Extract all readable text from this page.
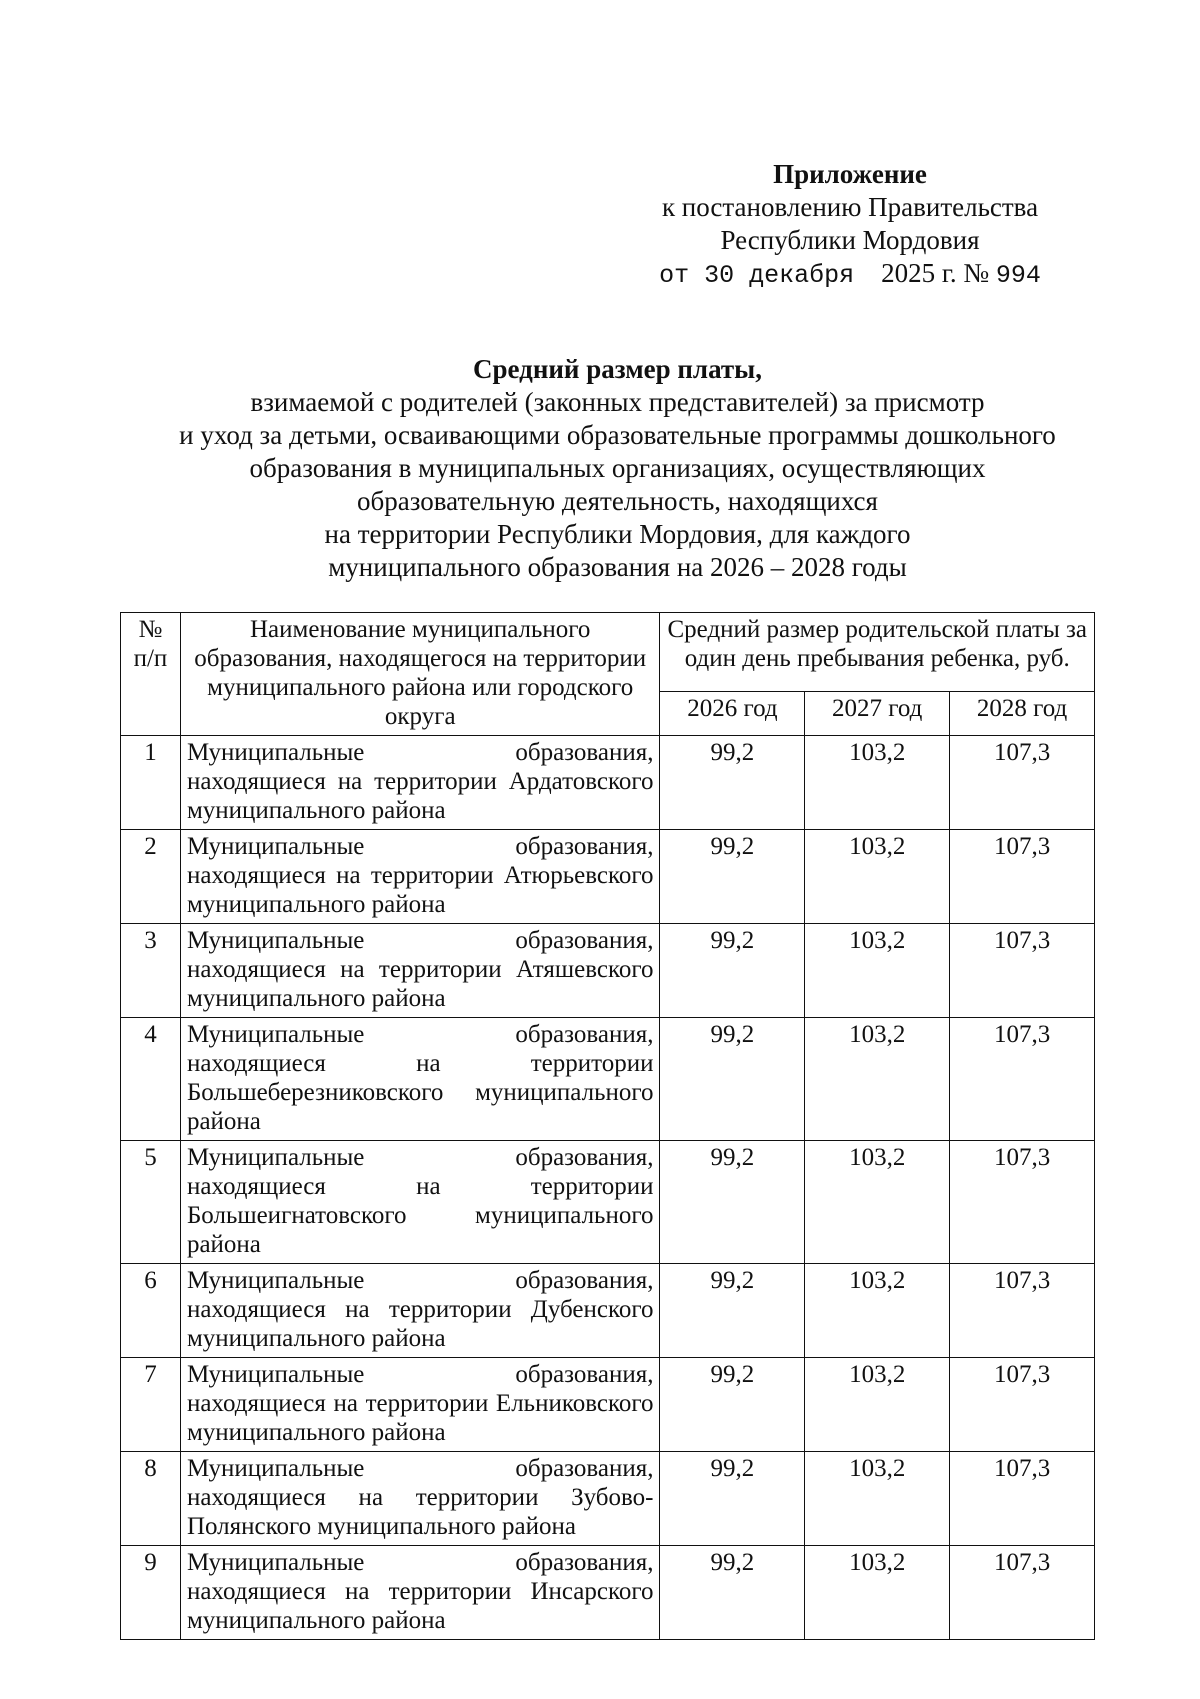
Приложение
к постановлению Правительства
Республики Мордовия
от 30 декабря 2025 г. № 994
Средний размер платы,
взимаемой с родителей (законных представителей) за присмотр
и уход за детьми, осваивающими образовательные программы дошкольного
образования в муниципальных организациях, осуществляющих
образовательную деятельность, находящихся
на территории Республики Мордовия, для каждого
муниципального образования на 2026 – 2028 годы
№ п/п	Наименование муниципального образования, находящегося на территории муниципального района или городского округа	Средний размер родительской платы за один день пребывания ребенка, руб.		
		2026 год	2027 год	2028 год
1	Муниципальные образования, находящиеся на территории Ардатовского муниципального района	99,2	103,2	107,3
2	Муниципальные образования, находящиеся на территории Атюрьевского муниципального района	99,2	103,2	107,3
3	Муниципальные образования, находящиеся на территории Атяшевского муниципального района	99,2	103,2	107,3
4	Муниципальные образования, находящиеся на территории Большеберезниковского муниципального района	99,2	103,2	107,3
5	Муниципальные образования, находящиеся на территории Большеигнатовского муниципального района	99,2	103,2	107,3
6	Муниципальные образования, находящиеся на территории Дубенского муниципального района	99,2	103,2	107,3
7	Муниципальные образования, находящиеся на территории Ельниковского муниципального района	99,2	103,2	107,3
8	Муниципальные образования, находящиеся на территории Зубово-Полянского муниципального района	99,2	103,2	107,3
9	Муниципальные образования, находящиеся на территории Инсарского муниципального района	99,2	103,2	107,3
